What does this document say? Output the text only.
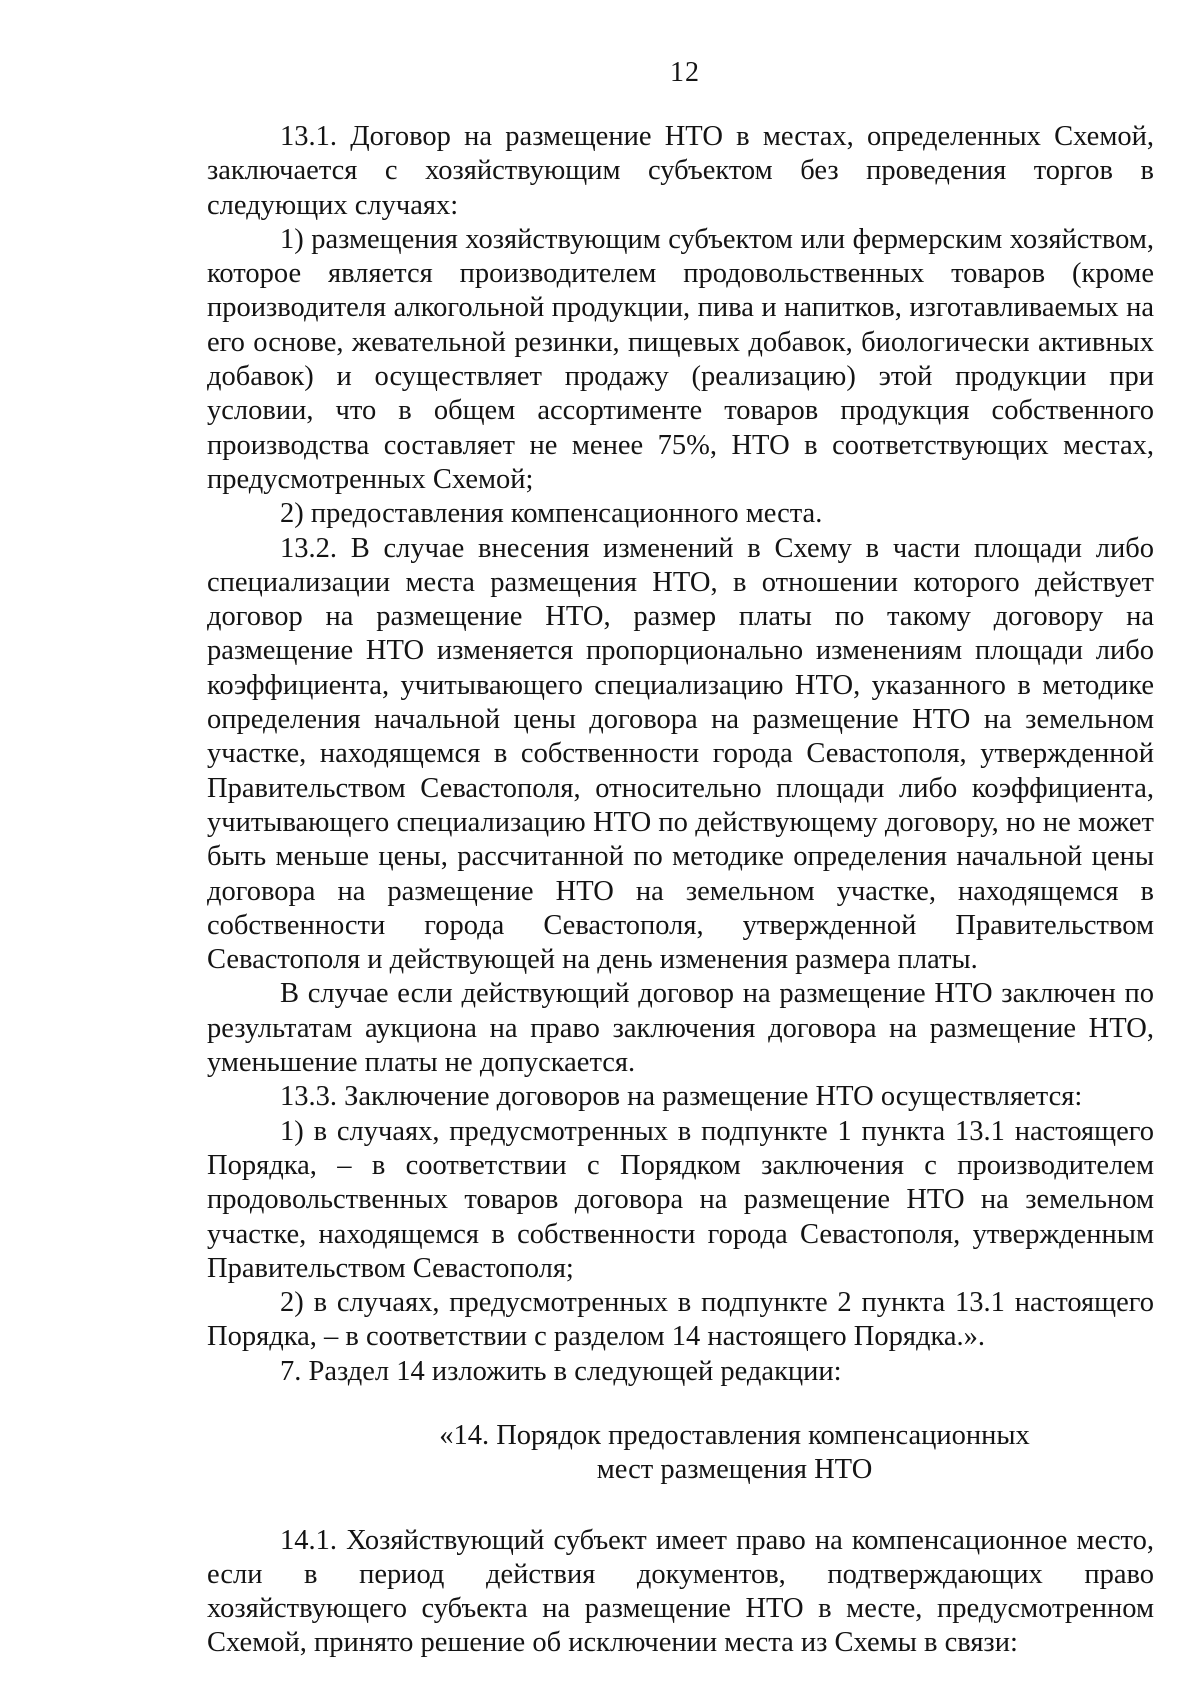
12

13.1. Договор на размещение НТО в местах, определенных Схемой, заключается с хозяйствующим субъектом без проведения торгов в следующих случаях:

1) размещения хозяйствующим субъектом или фермерским хозяйством, которое является производителем продовольственных товаров (кроме производителя алкогольной продукции, пива и напитков, изготавливаемых на его основе, жевательной резинки, пищевых добавок, биологически активных добавок) и осуществляет продажу (реализацию) этой продукции при условии, что в общем ассортименте товаров продукция собственного производства составляет не менее 75%, НТО в соответствующих местах, предусмотренных Схемой;

2) предоставления компенсационного места.

13.2. В случае внесения изменений в Схему в части площади либо специализации места размещения НТО, в отношении которого действует договор на размещение НТО, размер платы по такому договору на размещение НТО изменяется пропорционально изменениям площади либо коэффициента, учитывающего специализацию НТО, указанного в методике определения начальной цены договора на размещение НТО на земельном участке, находящемся в собственности города Севастополя, утвержденной Правительством Севастополя, относительно площади либо коэффициента, учитывающего специализацию НТО по действующему договору, но не может быть меньше цены, рассчитанной по методике определения начальной цены договора на размещение НТО на земельном участке, находящемся в собственности города Севастополя, утвержденной Правительством Севастополя и действующей на день изменения размера платы.

В случае если действующий договор на размещение НТО заключен по результатам аукциона на право заключения договора на размещение НТО, уменьшение платы не допускается.

13.3. Заключение договоров на размещение НТО осуществляется:

1) в случаях, предусмотренных в подпункте 1 пункта 13.1 настоящего Порядка, – в соответствии с Порядком заключения с производителем продовольственных товаров договора на размещение НТО на земельном участке, находящемся в собственности города Севастополя, утвержденным Правительством Севастополя;

2) в случаях, предусмотренных в подпункте 2 пункта 13.1 настоящего Порядка, – в соответствии с разделом 14 настоящего Порядка.».

7. Раздел 14 изложить в следующей редакции:

«14. Порядок предоставления компенсационных
мест размещения НТО

14.1. Хозяйствующий субъект имеет право на компенсационное место, если в период действия документов, подтверждающих право хозяйствующего субъекта на размещение НТО в месте, предусмотренном Схемой, принято решение об исключении места из Схемы в связи:
